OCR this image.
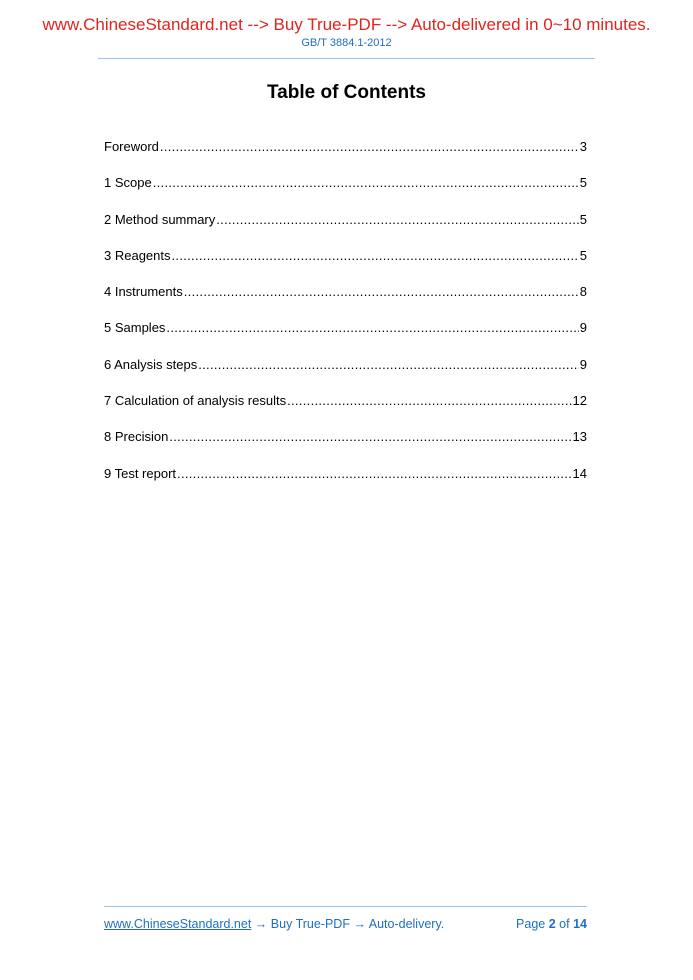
www.ChineseStandard.net --> Buy True-PDF --> Auto-delivered in 0~10 minutes.
GB/T 3884.1-2012
Table of Contents
Foreword .....	3
1 Scope .....	5
2 Method summary .....	5
3 Reagents .....	5
4 Instruments .....	8
5 Samples .....	9
6 Analysis steps .....	9
7 Calculation of analysis results .....	12
8 Precision .....	13
9 Test report .....	14
www.ChineseStandard.net → Buy True-PDF → Auto-delivery.	Page 2 of 14
